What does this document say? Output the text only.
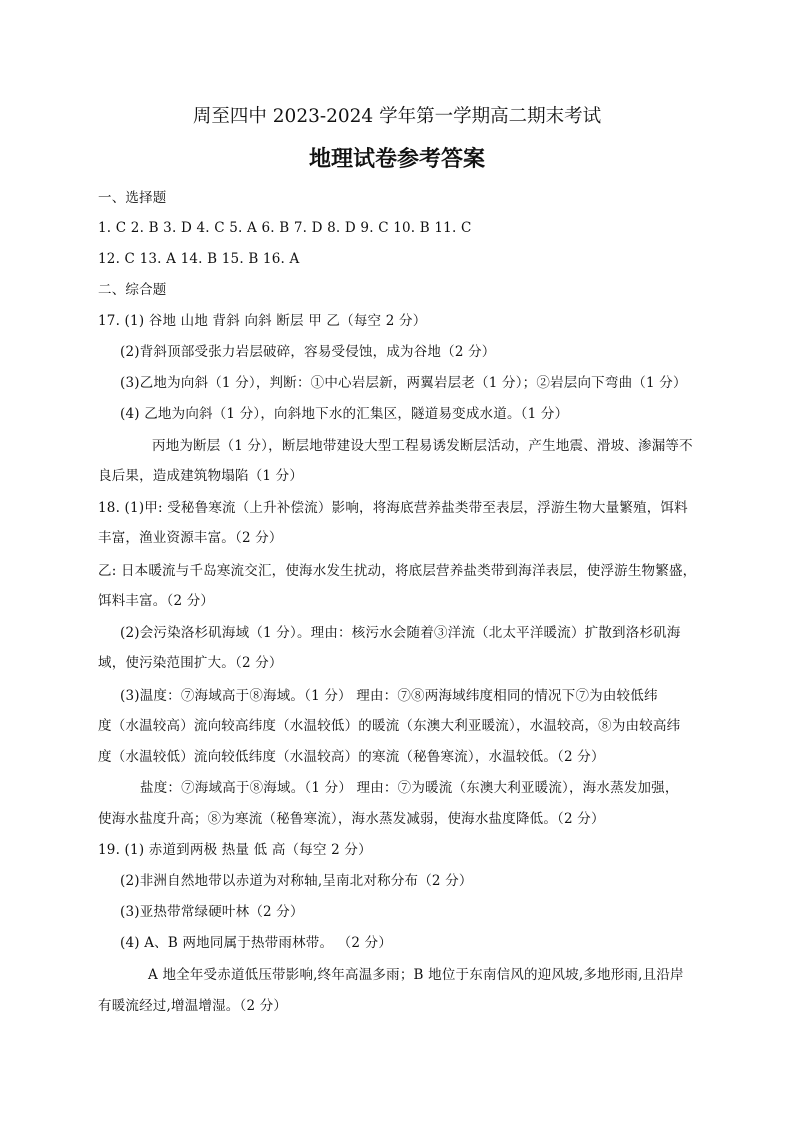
周至四中 2023-2024 学年第一学期高二期末考试
地理试卷参考答案
一、选择题
1. C 2. B 3. D 4. C 5. A 6. B 7. D 8. D 9. C 10. B 11. C
12. C 13. A 14. B 15. B 16. A
二、综合题
17. (1) 谷地 山地 背斜 向斜 断层 甲 乙（每空 2 分）
(2)背斜顶部受张力岩层破碎，容易受侵蚀，成为谷地（2 分）
(3)乙地为向斜（1 分），判断：①中心岩层新，两翼岩层老（1 分）；②岩层向下弯曲（1 分）
(4) 乙地为向斜（1 分），向斜地下水的汇集区，隧道易变成水道。（1 分）
丙地为断层（1 分），断层地带建设大型工程易诱发断层活动，产生地震、滑坡、渗漏等不
良后果，造成建筑物塌陷（1 分）
18. (1)甲: 受秘鲁寒流（上升补偿流）影响，将海底营养盐类带至表层，浮游生物大量繁殖，饵料
丰富，渔业资源丰富。（2 分）
乙: 日本暖流与千岛寒流交汇，使海水发生扰动，将底层营养盐类带到海洋表层，使浮游生物繁盛，
饵料丰富。（2 分）
(2)会污染洛杉矶海域（1 分）。理由：核污水会随着③洋流（北太平洋暖流）扩散到洛杉矶海
域，使污染范围扩大。（2 分）
(3)温度：⑦海域高于⑧海域。（1 分） 理由：⑦⑧两海域纬度相同的情况下⑦为由较低纬
度（水温较高）流向较高纬度（水温较低）的暖流（东澳大利亚暖流），水温较高，⑧为由较高纬
度（水温较低）流向较低纬度（水温较高）的寒流（秘鲁寒流），水温较低。（2 分）
盐度：⑦海域高于⑧海域。（1 分） 理由：⑦为暖流（东澳大利亚暖流），海水蒸发加强，
使海水盐度升高；⑧为寒流（秘鲁寒流），海水蒸发减弱，使海水盐度降低。（2 分）
19. (1) 赤道到两极 热量 低 高（每空 2 分）
(2)非洲自然地带以赤道为对称轴,呈南北对称分布（2 分）
(3)亚热带常绿硬叶林（2 分）
(4) A、B 两地同属于热带雨林带。 （2 分）
A 地全年受赤道低压带影响,终年高温多雨；B 地位于东南信风的迎风坡,多地形雨,且沿岸
有暖流经过,增温增湿。（2 分）
